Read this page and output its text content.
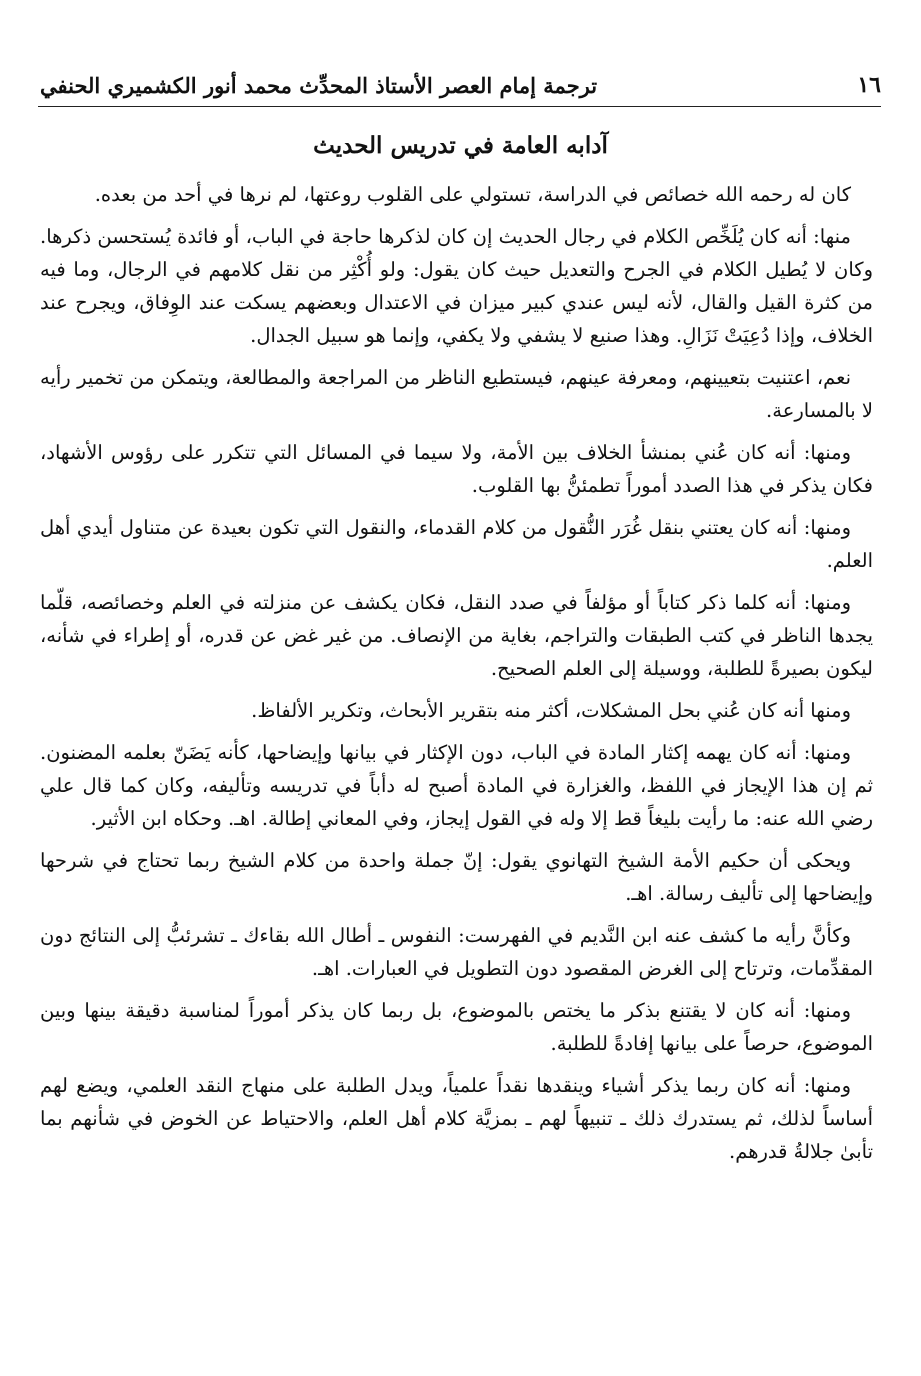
١٦
ترجمة إمام العصر الأستاذ المحدِّث محمد أنور الكشميري الحنفي
آدابه العامة في تدريس الحديث

كان له رحمه الله خصائص في الدراسة، تستولي على القلوب روعتها، لم نرها في أحد من بعده.

منها: أنه كان يُلَخِّص الكلام في رجال الحديث إن كان لذكرها حاجة في الباب، أو فائدة يُستحسن ذكرها. وكان لا يُطيل الكلام في الجرح والتعديل حيث كان يقول: ولو أُكْثِر من نقل كلامهم في الرجال، وما فيه من كثرة القيل والقال، لأنه ليس عندي كبير ميزان في الاعتدال وبعضهم يسكت عند الوِفاق، ويجرح عند الخلاف، وإذا دُعِيَتْ نَزَالِ. وهذا صنيع لا يشفي ولا يكفي، وإنما هو سبيل الجدال.

نعم، اعتنيت بتعيينهم، ومعرفة عينهم، فيستطيع الناظر من المراجعة والمطالعة، ويتمكن من تخمير رأيه لا بالمسارعة.

ومنها: أنه كان عُني بمنشأ الخلاف بين الأمة، ولا سيما في المسائل التي تتكرر على رؤوس الأشهاد، فكان يذكر في هذا الصدد أموراً تطمئنُّ بها القلوب.

ومنها: أنه كان يعتني بنقل غُرَر النُّقول من كلام القدماء، والنقول التي تكون بعيدة عن متناول أيدي أهل العلم.

ومنها: أنه كلما ذكر كتاباً أو مؤلفاً في صدد النقل، فكان يكشف عن منزلته في العلم وخصائصه، قلّما يجدها الناظر في كتب الطبقات والتراجم، بغاية من الإنصاف. من غير غض عن قدره، أو إطراء في شأنه، ليكون بصيرةً للطلبة، ووسيلة إلى العلم الصحيح.

ومنها أنه كان عُني بحل المشكلات، أكثر منه بتقرير الأبحاث، وتكرير الألفاظ.

ومنها: أنه كان يهمه إكثار المادة في الباب، دون الإكثار في بيانها وإيضاحها، كأنه يَضَنّ بعلمه المضنون. ثم إن هذا الإيجاز في اللفظ، والغزارة في المادة أصبح له دأباً في تدريسه وتأليفه، وكان كما قال علي رضي الله عنه: ما رأيت بليغاً قط إلا وله في القول إيجاز، وفي المعاني إطالة. اهـ. وحكاه ابن الأثير.

ويحكى أن حكيم الأمة الشيخ التهانوي يقول: إنّ جملة واحدة من كلام الشيخ ربما تحتاج في شرحها وإيضاحها إلى تأليف رسالة. اهـ.

وكأنَّ رأيه ما كشف عنه ابن النَّديم في الفهرست: النفوس ـ أطال الله بقاءك ـ تشرئبُّ إلى النتائج دون المقدِّمات، وترتاح إلى الغرض المقصود دون التطويل في العبارات. اهـ.

ومنها: أنه كان لا يقتنع بذكر ما يختص بالموضوع، بل ربما كان يذكر أموراً لمناسبة دقيقة بينها وبين الموضوع، حرصاً على بيانها إفادةً للطلبة.

ومنها: أنه كان ربما يذكر أشياء وينقدها نقداً علمياً، ويدل الطلبة على منهاج النقد العلمي، ويضع لهم أساساً لذلك، ثم يستدرك ذلك ـ تنبيهاً لهم ـ بمزيَّة كلام أهل العلم، والاحتياط عن الخوض في شأنهم بما تأبىٰ جلالةُ قدرهم.
